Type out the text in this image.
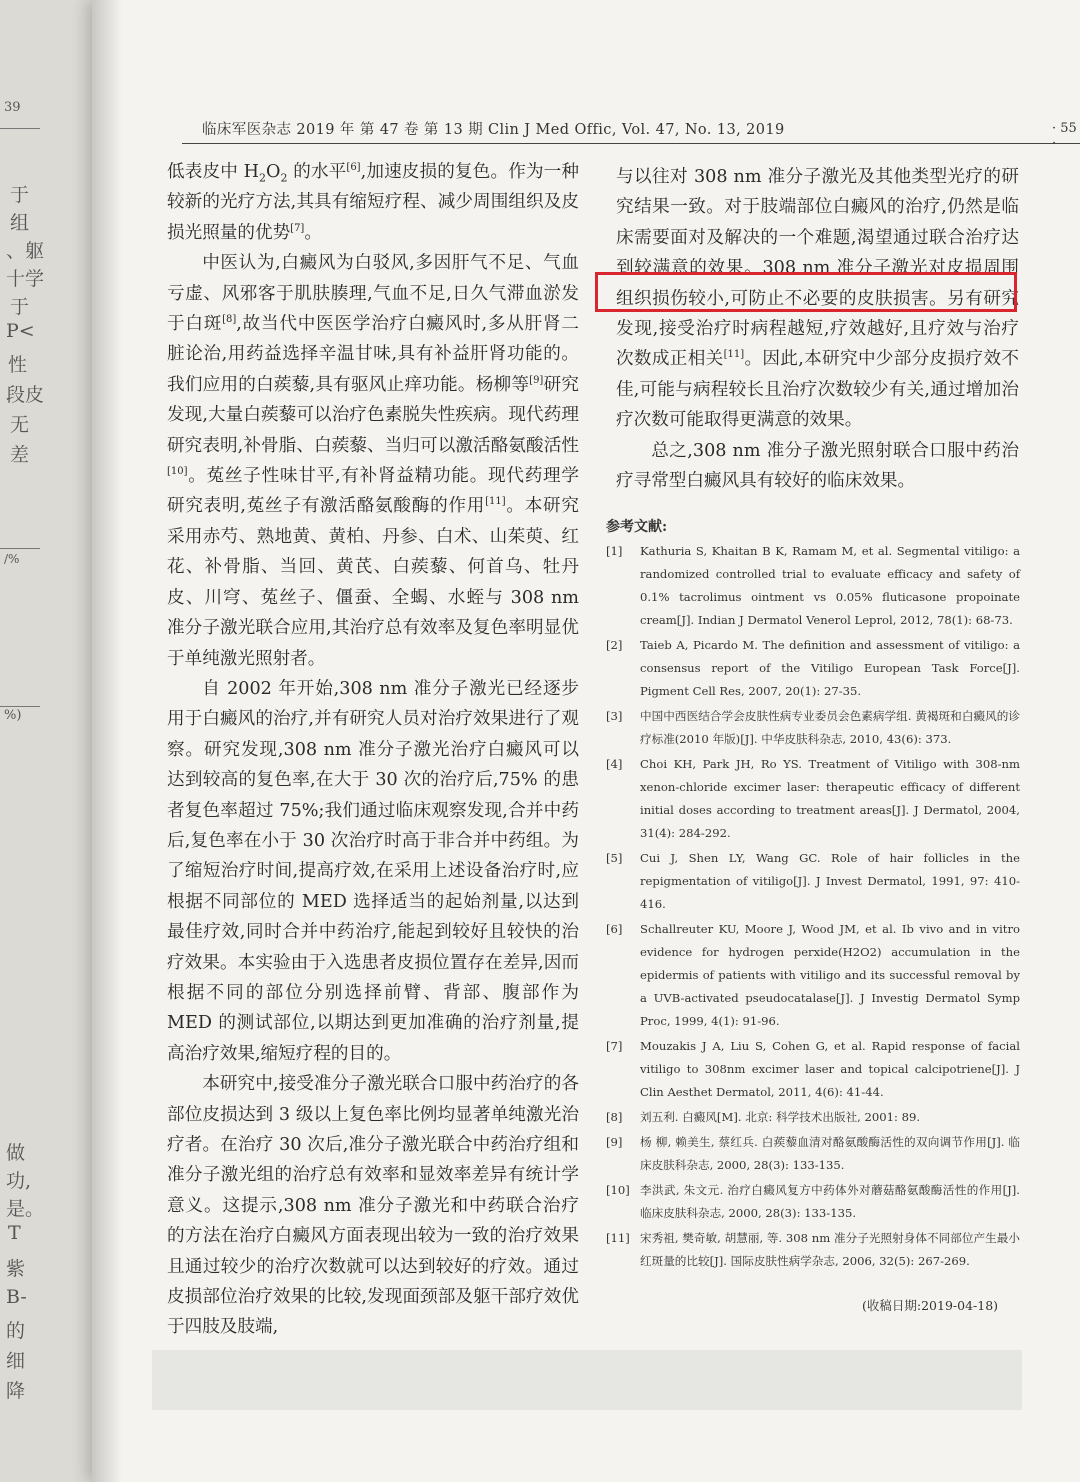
39
于
组
、躯
十学
于
P<
性
段皮
无
差
/%
%)
做
功,
是。
T
紫
B-
的
细
降
临床军医杂志 2019 年 第 47 卷 第 13 期 Clin J Med Offic, Vol. 47, No. 13, 2019	· 55 ·

低表皮中 $H_2O_2$ 的水平[6],加速皮损的复色。作为一种较新的光疗方法,其具有缩短疗程、减少周围组织及皮损光照量的优势[7]。

中医认为,白癜风为白驳风,多因肝气不足、气血亏虚、风邪客于肌肤腠理,气血不足,日久气滞血淤发于白斑[8],故当代中医医学治疗白癜风时,多从肝肾二脏论治,用药益选择辛温甘味,具有补益肝肾功能的。我们应用的白蒺藜,具有驱风止痒功能。杨柳等[9]研究发现,大量白蒺藜可以治疗色素脱失性疾病。现代药理研究表明,补骨脂、白蒺藜、当归可以激活酪氨酸活性[10]。菟丝子性味甘平,有补肾益精功能。现代药理学研究表明,菟丝子有激活酪氨酸酶的作用[11]。本研究采用赤芍、熟地黄、黄柏、丹参、白术、山茱萸、红花、补骨脂、当回、黄芪、白蒺藜、何首乌、牡丹皮、川穹、菟丝子、僵蚕、全蝎、水蛭与 308 nm 准分子激光联合应用,其治疗总有效率及复色率明显优于单纯激光照射者。

自 2002 年开始,308 nm 准分子激光已经逐步用于白癜风的治疗,并有研究人员对治疗效果进行了观察。研究发现,308 nm 准分子激光治疗白癜风可以达到较高的复色率,在大于 30 次的治疗后,75% 的患者复色率超过 75%;我们通过临床观察发现,合并中药后,复色率在小于 30 次治疗时高于非合并中药组。为了缩短治疗时间,提高疗效,在采用上述设备治疗时,应根据不同部位的 MED 选择适当的起始剂量,以达到最佳疗效,同时合并中药治疗,能起到较好且较快的治疗效果。本实验由于入选患者皮损位置存在差异,因而根据不同的部位分别选择前臂、背部、腹部作为 MED 的测试部位,以期达到更加准确的治疗剂量,提高治疗效果,缩短疗程的目的。

本研究中,接受准分子激光联合口服中药治疗的各部位皮损达到 3 级以上复色率比例均显著单纯激光治疗者。在治疗 30 次后,准分子激光联合中药治疗组和准分子激光组的治疗总有效率和显效率差异有统计学意义。这提示,308 nm 准分子激光和中药联合治疗的方法在治疗白癜风方面表现出较为一致的治疗效果且通过较少的治疗次数就可以达到较好的疗效。通过皮损部位治疗效果的比较,发现面颈部及躯干部疗效优于四肢及肢端,

与以往对 308 nm 准分子激光及其他类型光疗的研究结果一致。对于肢端部位白癜风的治疗,仍然是临床需要面对及解决的一个难题,渴望通过联合治疗达到较满意的效果。308 nm 准分子激光对皮损周围组织损伤较小,可防止不必要的皮肤损害。另有研究发现,接受治疗时病程越短,疗效越好,且疗效与治疗次数成正相关[11]。因此,本研究中少部分皮损疗效不佳,可能与病程较长且治疗次数较少有关,通过增加治疗次数可能取得更满意的效果。

总之,308 nm 准分子激光照射联合口服中药治疗寻常型白癜风具有较好的临床效果。

参考文献:
[1]	Kathuria S, Khaitan B K, Ramam M, et al. Segmental vitiligo: a randomized controlled trial to evaluate efficacy and safety of 0.1% tacrolimus ointment vs 0.05% fluticasone propoinate cream[J]. Indian J Dermatol Venerol Leprol, 2012, 78(1): 68-73.
[2]	Taieb A, Picardo M. The definition and assessment of vitiligo: a consensus report of the Vitiligo European Task Force[J]. Pigment Cell Res, 2007, 20(1): 27-35.
[3]	中国中西医结合学会皮肤性病专业委员会色素病学组. 黄褐斑和白癜风的诊疗标准(2010 年版)[J]. 中华皮肤科杂志, 2010, 43(6): 373.
[4]	Choi KH, Park JH, Ro YS. Treatment of Vitiligo with 308-nm xenon-chloride excimer laser: therapeutic efficacy of different initial doses according to treatment areas[J]. J Dermatol, 2004, 31(4): 284-292.
[5]	Cui J, Shen LY, Wang GC. Role of hair follicles in the repigmentation of vitiligo[J]. J Invest Dermatol, 1991, 97: 410-416.
[6]	Schallreuter KU, Moore J, Wood JM, et al. Ib vivo and in vitro evidence for hydrogen perxide(H2O2) accumulation in the epidermis of patients with vitiligo and its successful removal by a UVB-activated pseudocatalase[J]. J Investig Dermatol Symp Proc, 1999, 4(1): 91-96.
[7]	Mouzakis J A, Liu S, Cohen G, et al. Rapid response of facial vitiligo to 308nm excimer laser and topical calcipotriene[J]. J Clin Aesthet Dermatol, 2011, 4(6): 41-44.
[8]	刘五利. 白癜风[M]. 北京: 科学技术出版社, 2001: 89.
[9]	杨 柳, 赖美生, 蔡红兵. 白蒺藜血清对酪氨酸酶活性的双向调节作用[J]. 临床皮肤科杂志, 2000, 28(3): 133-135.
[10] 李洪武, 朱文元. 治疗白癜风复方中药体外对蘑菇酪氨酸酶活性的作用[J]. 临床皮肤科杂志, 2000, 28(3): 133-135.
[11] 宋秀祖, 樊奇敏, 胡慧丽, 等. 308 nm 准分子光照射身体不同部位产生最小红斑量的比较[J]. 国际皮肤性病学杂志, 2006, 32(5): 267-269.
(收稿日期:2019-04-18)
